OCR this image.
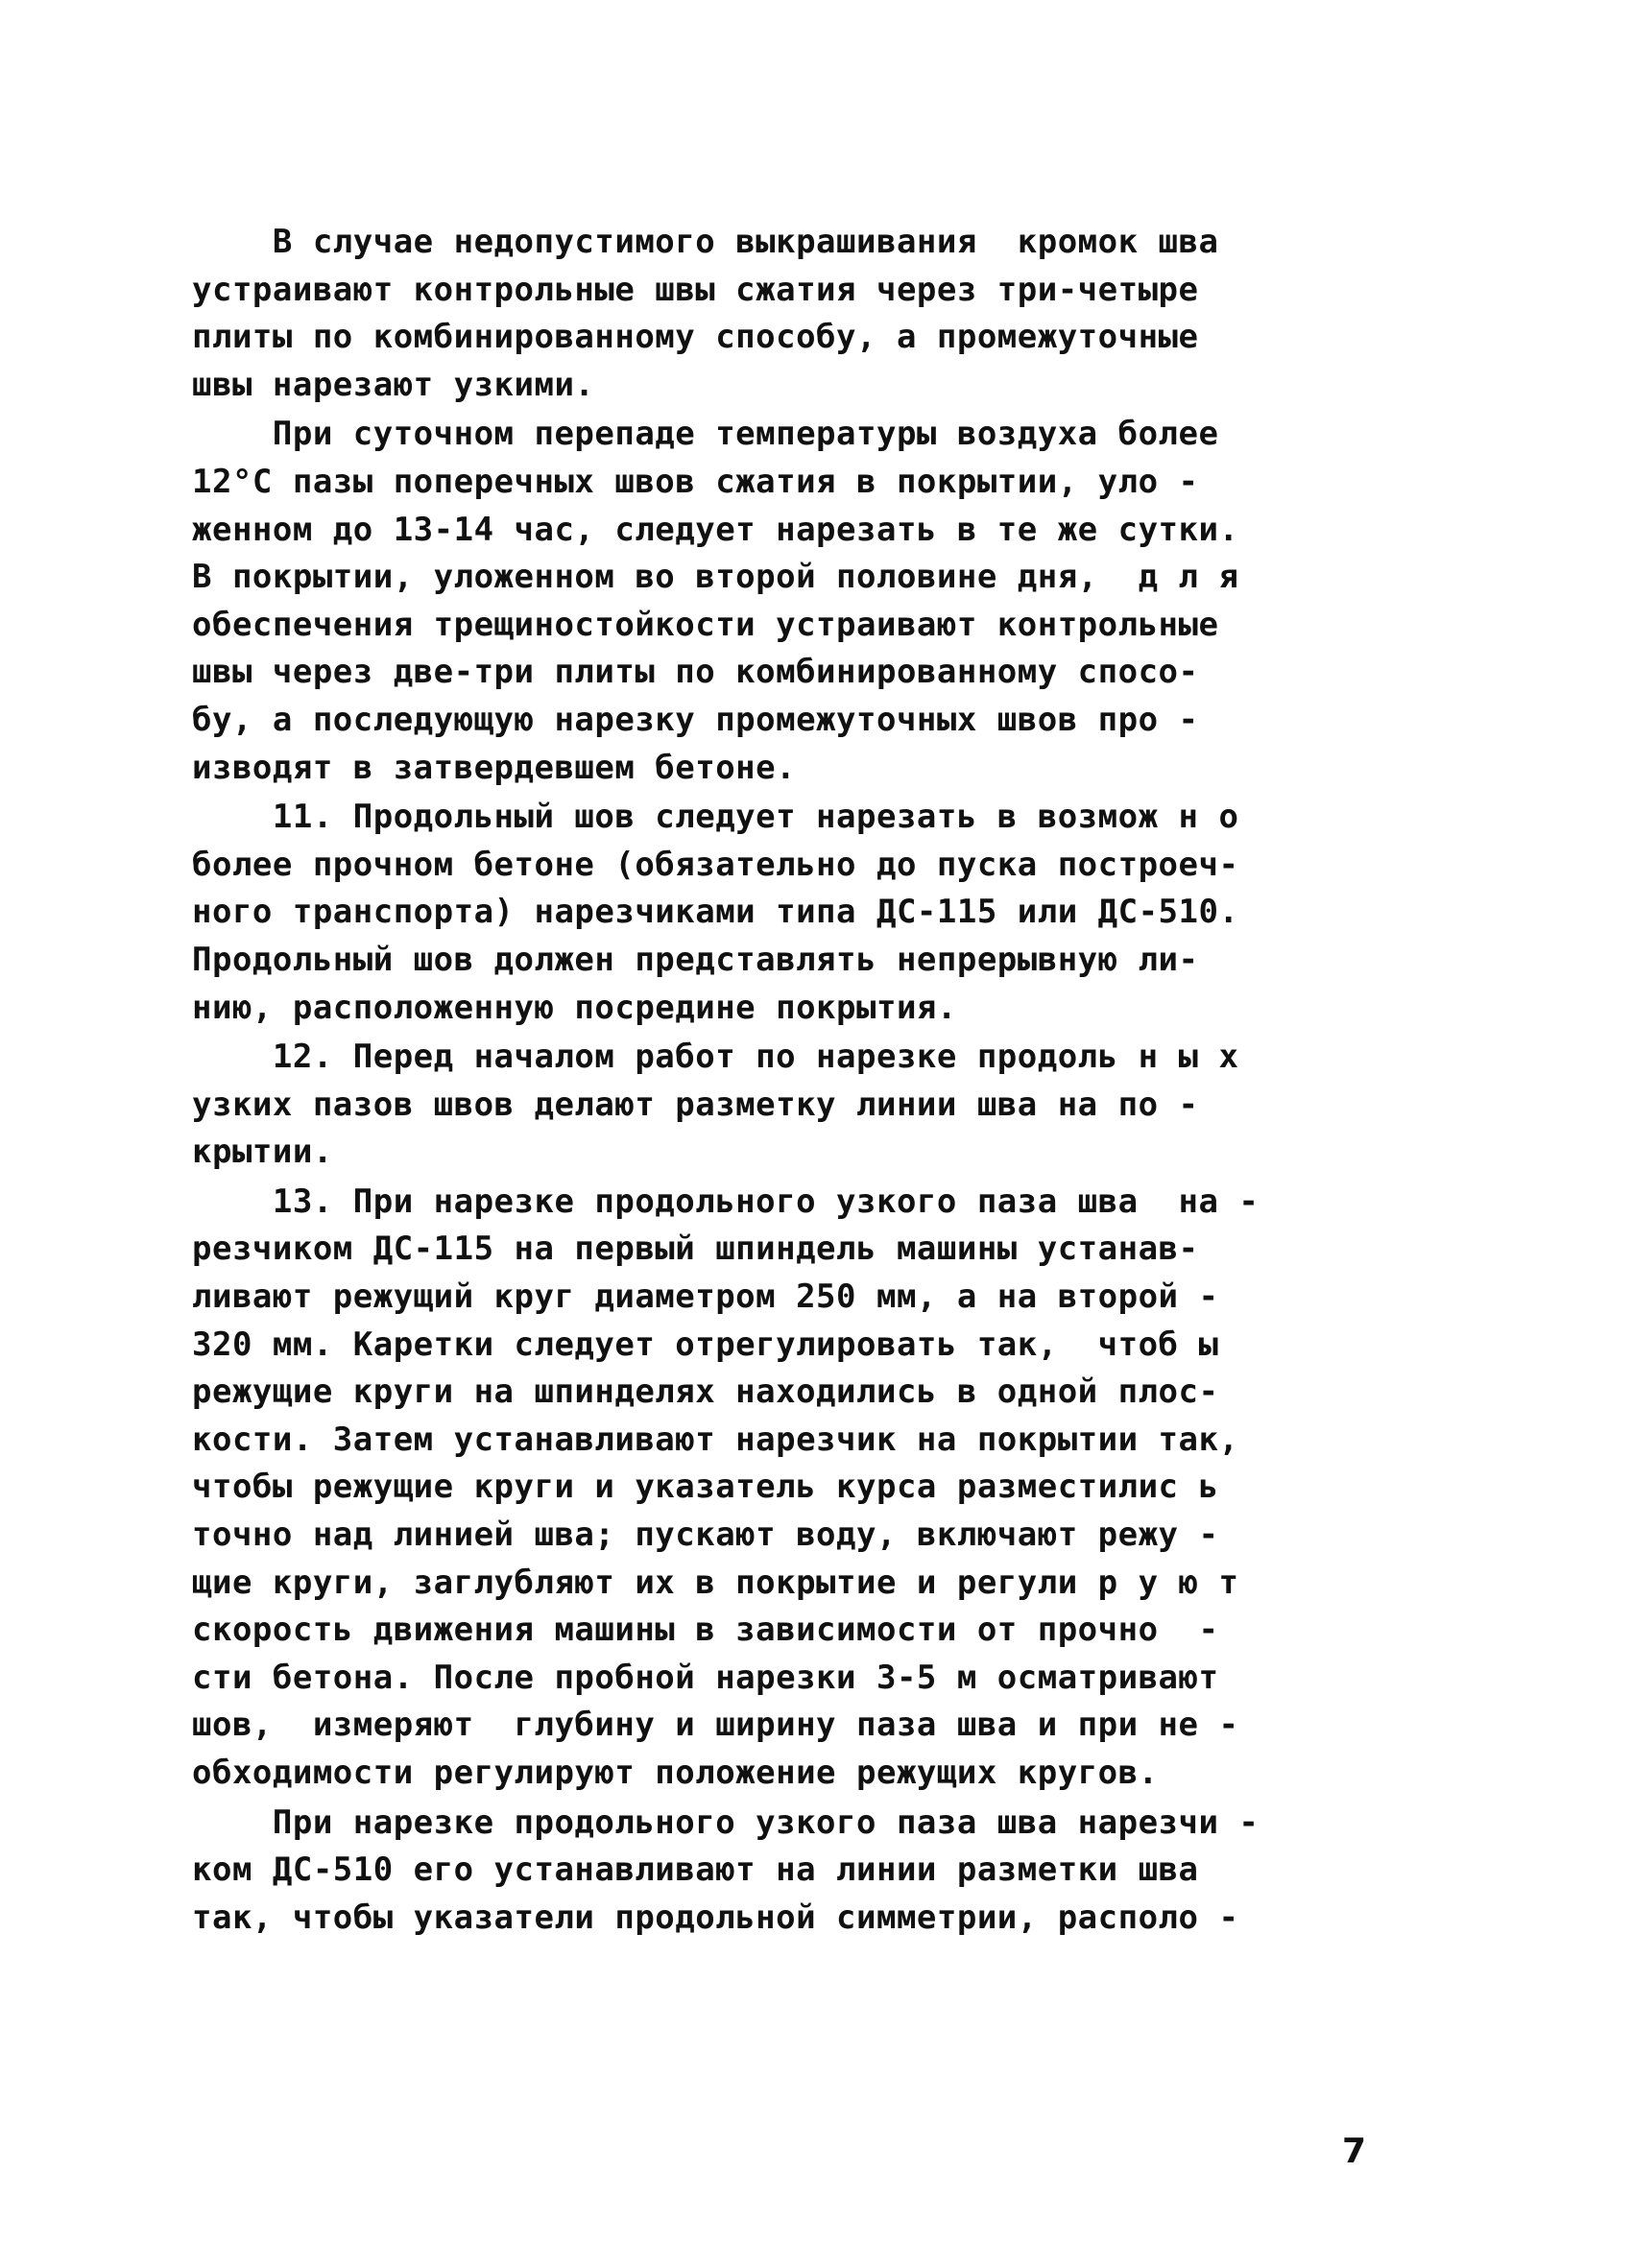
В случае недопустимого выкрашивания  кромок шва
устраивают контрольные швы сжатия через три-четыре
плиты по комбинированному способу, а промежуточные
швы нарезают узкими.
При суточном перепаде температуры воздуха более
12°С пазы поперечных швов сжатия в покрытии, уло -
женном до 13-14 час, следует нарезать в те же сутки.
В покрытии, уложенном во второй половине дня,  д л я
обеспечения трещиностойкости устраивают контрольные
швы через две-три плиты по комбинированному спосо-
бу, а последующую нарезку промежуточных швов про -
изводят в затвердевшем бетоне.
11. Продольный шов следует нарезать в возмож н о
более прочном бетоне (обязательно до пуска построеч-
ного транспорта) нарезчиками типа ДС-115 или ДС-510.
Продольный шов должен представлять непрерывную ли-
нию, расположенную посредине покрытия.
12. Перед началом работ по нарезке продоль н ы х
узких пазов швов делают разметку линии шва на по -
крытии.
13. При нарезке продольного узкого паза шва  на -
резчиком ДС-115 на первый шпиндель машины устанав-
ливают режущий круг диаметром 250 мм, а на второй -
320 мм. Каретки следует отрегулировать так,  чтоб ы
режущие круги на шпинделях находились в одной плос-
кости. Затем устанавливают нарезчик на покрытии так,
чтобы режущие круги и указатель курса разместилис ь
точно над линией шва; пускают воду, включают режу -
щие круги, заглубляют их в покрытие и регули р у ю т
скорость движения машины в зависимости от прочно  -
сти бетона. После пробной нарезки 3-5 м осматривают
шов,  измеряют  глубину и ширину паза шва и при не -
обходимости регулируют положение режущих кругов.
При нарезке продольного узкого паза шва нарезчи -
ком ДС-510 его устанавливают на линии разметки шва
так, чтобы указатели продольной симметрии, располо -
7
